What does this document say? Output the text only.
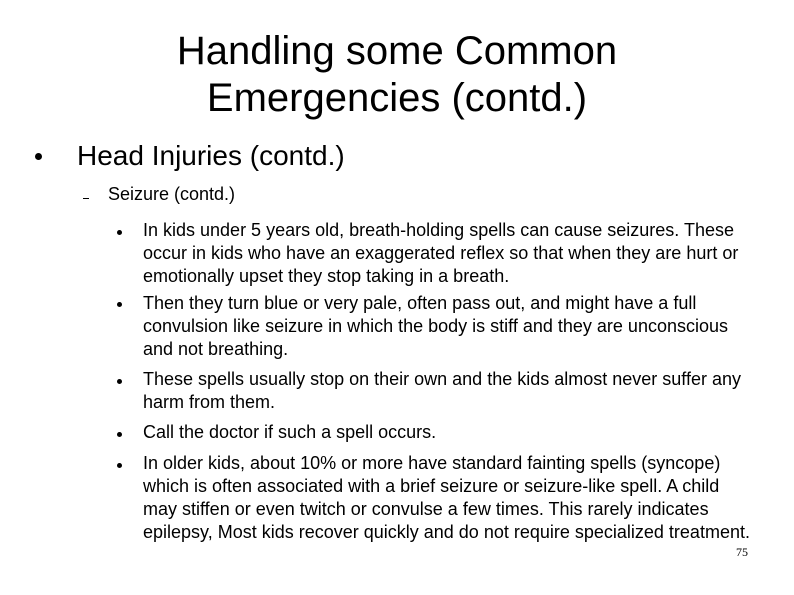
Handling some Common
Emergencies (contd.)
Head Injuries (contd.)
Seizure (contd.)
In kids under 5 years old, breath-holding spells can cause seizures. These occur in kids who have an exaggerated reflex so that when they are hurt or emotionally upset they stop taking in a breath.
Then they turn blue or very pale, often pass out, and might have a full convulsion like seizure in which the body is stiff and they are unconscious and not breathing.
These spells usually stop on their own and the kids almost never suffer any harm from them.
Call the doctor if such a spell occurs.
In older kids, about 10% or more have standard fainting spells (syncope) which is often associated with a brief seizure or seizure-like spell. A child may stiffen or even twitch or convulse a few times. This rarely indicates epilepsy, Most kids recover quickly and do not require specialized treatment.
75
